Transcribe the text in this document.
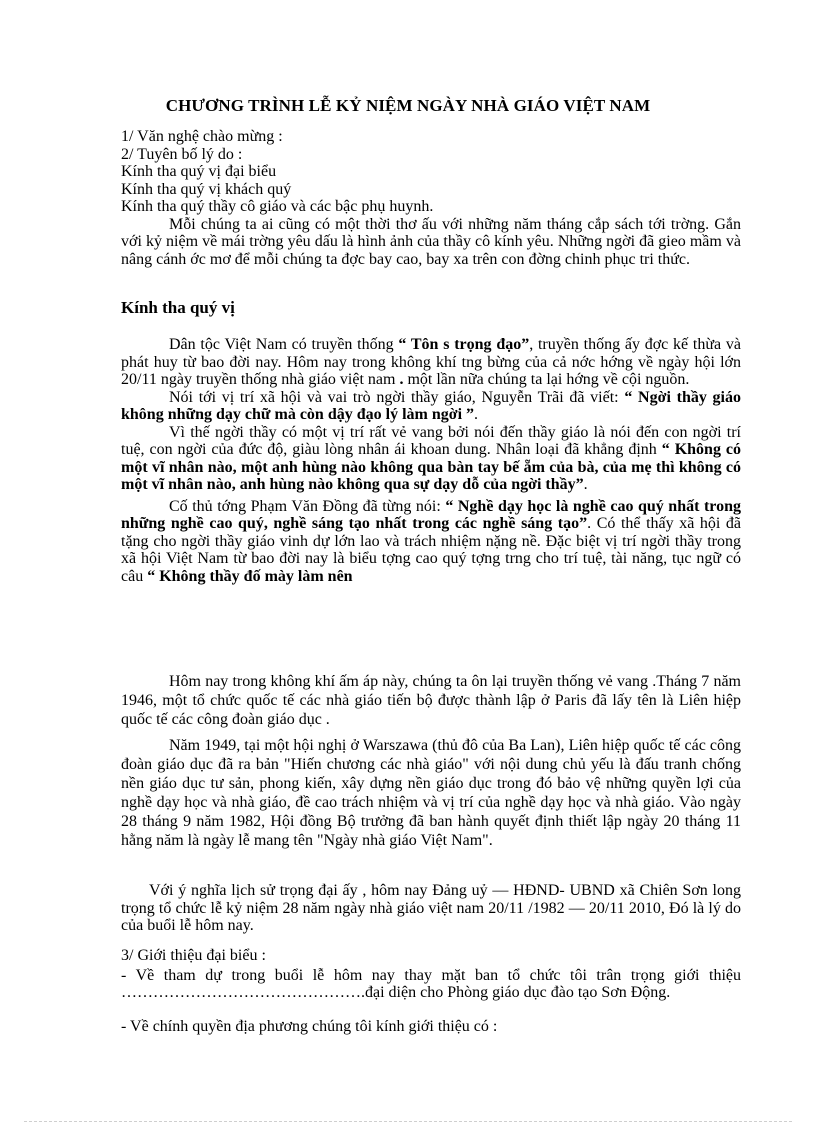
CHƯƠNG TRÌNH LỄ KỶ NIỆM NGÀY NHÀ GIÁO VIỆT NAM

1/ Văn nghệ chào mừng :

2/ Tuyên bố lý do :

Kính tha quý vị đại biểu

Kính tha quý vị khách quý

Kính tha quý thầy cô giáo và các bậc phụ huynh.

Mỗi chúng ta ai cũng có một thời thơ ấu với những năm tháng cắp sách tới trờng. Gắn với kỷ niệm về mái trờng yêu dấu là hình ảnh của thầy cô kính yêu. Những ngời đã gieo mầm và nâng cánh ớc mơ để mỗi chúng ta đợc bay cao, bay xa trên con đờng chinh phục tri thức.

Kính tha quý vị

Dân tộc Việt Nam có truyền thống “ Tôn s trọng đạo”, truyền thống ấy đợc kế thừa và phát huy từ bao đời nay. Hôm nay trong không khí tng bừng của cả nớc hớng về ngày hội lớn 20/11 ngày truyền thống nhà giáo việt nam . một lần nữa chúng ta lại hớng về cội nguồn.

Nói tới vị trí xã hội và vai trò ngời thầy giáo, Nguyễn Trãi đã viết: “ Ngời thầy giáo không những dạy chữ mà còn dậy đạo lý làm ngời ”.

Vì thế ngời thầy có một vị trí rất vẻ vang bởi nói đến thầy giáo là nói đến con ngời trí tuệ, con ngời của đức độ, giàu lòng nhân ái khoan dung. Nhân loại đã khẳng định “ Không có một vĩ nhân nào, một anh hùng nào không qua bàn tay bế ẵm của bà, của mẹ thì không có một vĩ nhân nào, anh hùng nào không qua sự dạy dỗ của ngời thầy”.

Cố thủ tớng Phạm Văn Đồng đã từng nói: “ Nghề dạy học là nghề cao quý nhất trong những nghề cao quý, nghề sáng tạo nhất trong các nghề sáng tạo”. Có thể thấy xã hội đã tặng cho ngời thầy giáo vinh dự lớn lao và trách nhiệm nặng nề. Đặc biệt vị trí ngời thầy trong xã hội Việt Nam từ bao đời nay là biểu tợng cao quý tợng trng cho trí tuệ, tài năng, tục ngữ có câu “ Không thầy đố mày làm nên

Hôm nay trong không khí ấm áp này, chúng ta ôn lại truyền thống vẻ vang .Tháng 7 năm 1946, một tổ chức quốc tế các nhà giáo tiến bộ được thành lập ở Paris đã lấy tên là Liên hiệp quốc tế các công đoàn giáo dục .

Năm 1949, tại một hội nghị ở Warszawa (thủ đô của Ba Lan), Liên hiệp quốc tế các công đoàn giáo dục đã ra bản "Hiến chương các nhà giáo" với nội dung chủ yếu là đấu tranh chống nền giáo dục tư sản, phong kiến, xây dựng nền giáo dục trong đó bảo vệ những quyền lợi của nghề dạy học và nhà giáo, đề cao trách nhiệm và vị trí của nghề dạy học và nhà giáo. Vào ngày 28 tháng 9 năm 1982, Hội đồng Bộ trưởng đã ban hành quyết định thiết lập ngày 20 tháng 11 hằng năm là ngày lễ mang tên "Ngày nhà giáo Việt Nam".

Với ý nghĩa lịch sử trọng đại ấy , hôm nay Đảng uỷ — HĐND- UBND xã Chiên Sơn long trọng tổ chức lễ kỷ niệm 28 năm ngày nhà giáo việt nam 20/11 /1982 — 20/11 2010, Đó là lý do của buổi lễ hôm nay.

3/ Giới thiệu đại biểu :

- Về tham dự trong buổi lễ hôm nay thay mặt ban tổ chức tôi trân trọng giới thiệu ……………………………………….đại diện cho Phòng giáo dục đào tạo Sơn Động.

- Về chính quyền địa phương chúng tôi kính giới thiệu có :
